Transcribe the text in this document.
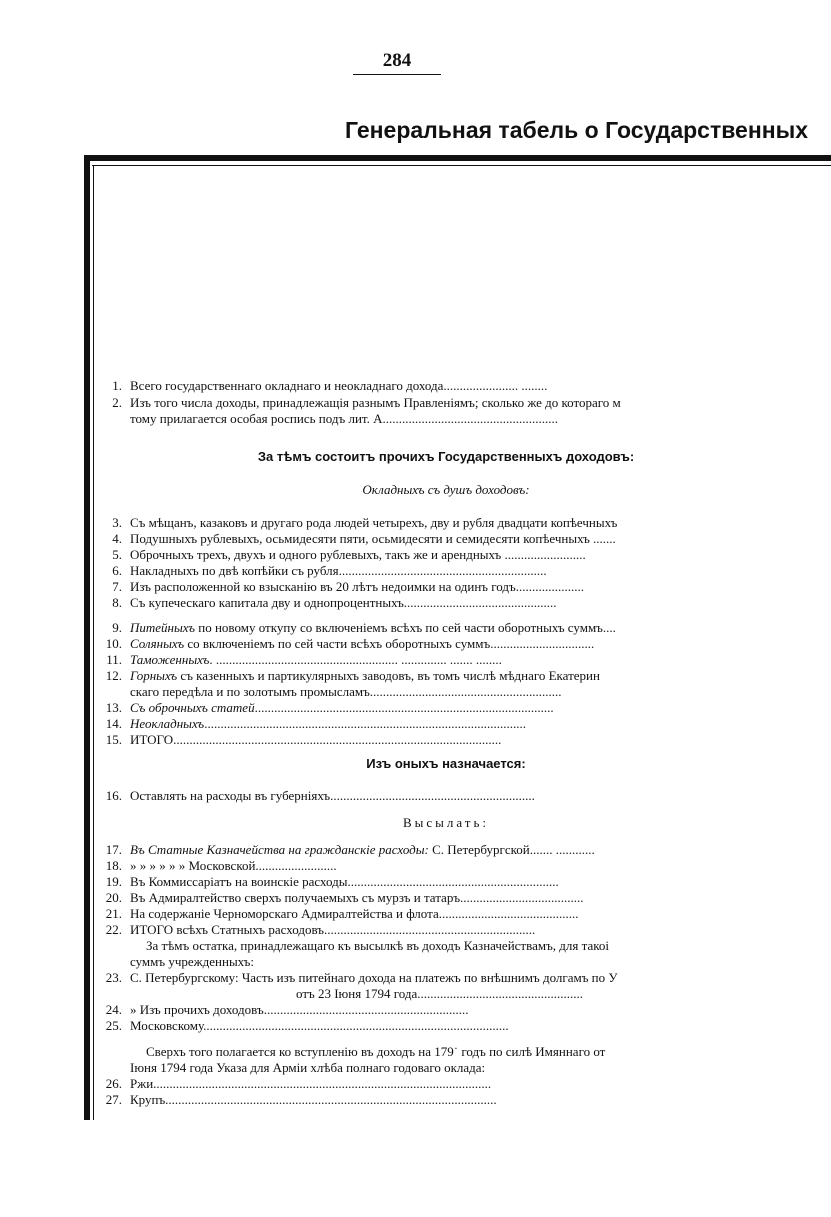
284
Генеральная табель о Государственных
1. Всего государственнаго окладнаго и неокладнаго дохода....................... ........
2. Изъ того числа доходы, принадлежащія разнымъ Правленіямъ; сколько же до котораго м
тому прилагается особая роспись подъ лит. А......................................................
За тѣмъ состоитъ прочихъ Государственныхъ доходовъ:
Окладныхъ съ душъ доходовъ:
3. Съ мѣщанъ, казаковъ и другаго рода людей четырехъ, дву и рубля двадцати копѣечныхъ
4. Подушныхъ рублевыхъ, осьмидесяти пяти, осьмидесяти и семидесяти копѣечныхъ .......
5. Оброчныхъ трехъ, двухъ и одного рублевыхъ, такъ же и арендныхъ .........................
6. Накладныхъ по двѣ копѣйки съ рубля................................................................
7. Изъ расположенной ко взысканію въ 20 лѣтъ недоимки на одинъ годъ.....................
8. Съ купеческаго капитала дву и однопроцентныхъ...............................................
9. Питейныхъ по новому откупу со включеніемъ всѣхъ по сей части оборотныхъ суммъ....
10. Соляныхъ со включеніемъ по сей части всѣхъ оборотныхъ суммъ................................
11. Таможенныхъ. ........................................................ .............. ....... ........
12. Горныхъ съ казенныхъ и партикулярныхъ заводовъ, въ томъ числѣ мѣднаго Екатерин
скаго передѣла и по золотымъ промысламъ...........................................................
13. Съ оброчныхъ статей............................................................................................
14. Неокладныхъ...................................................................................................
15. ИТОГО.....................................................................................................
Изъ оныхъ назначается:
16. Оставлять на расходы въ губерніяхъ...............................................................
Высылать:
17. Въ Статные Казначейства на гражданскіе расходы: С. Петербургской....... ............
18. » » » » » » Московской.........................
19. Въ Коммиссаріатъ на воинскіе расходы.................................................................
20. Въ Адмиралтейство сверхъ получаемыхъ съ мурзъ и татаръ......................................
21. На содержаніе Черноморскаго Адмиралтейства и флота...........................................
22. ИТОГО всѣхъ Статныхъ расходовъ.................................................................
За тѣмъ остатка, принадлежащаго къ высылкѣ въ доходъ Казначействамъ, для такоі
суммъ учрежденныхъ:
23. С. Петербургскому: Часть изъ питейнаго дохода на платежъ по внѣшнимъ долгамъ по У
отъ 23 Іюня 1794 года...................................................
24. » Изъ прочихъ доходовъ...............................................................
25. Московскому..............................................................................................
Сверхъ того полагается ко вступленію въ доходъ на 179˙ годъ по силѣ Имяннаго от
Іюня 1794 года Указа для Арміи хлѣба полнаго годоваго оклада:
26. Ржи........................................................................................................
27. Крупъ......................................................................................................
